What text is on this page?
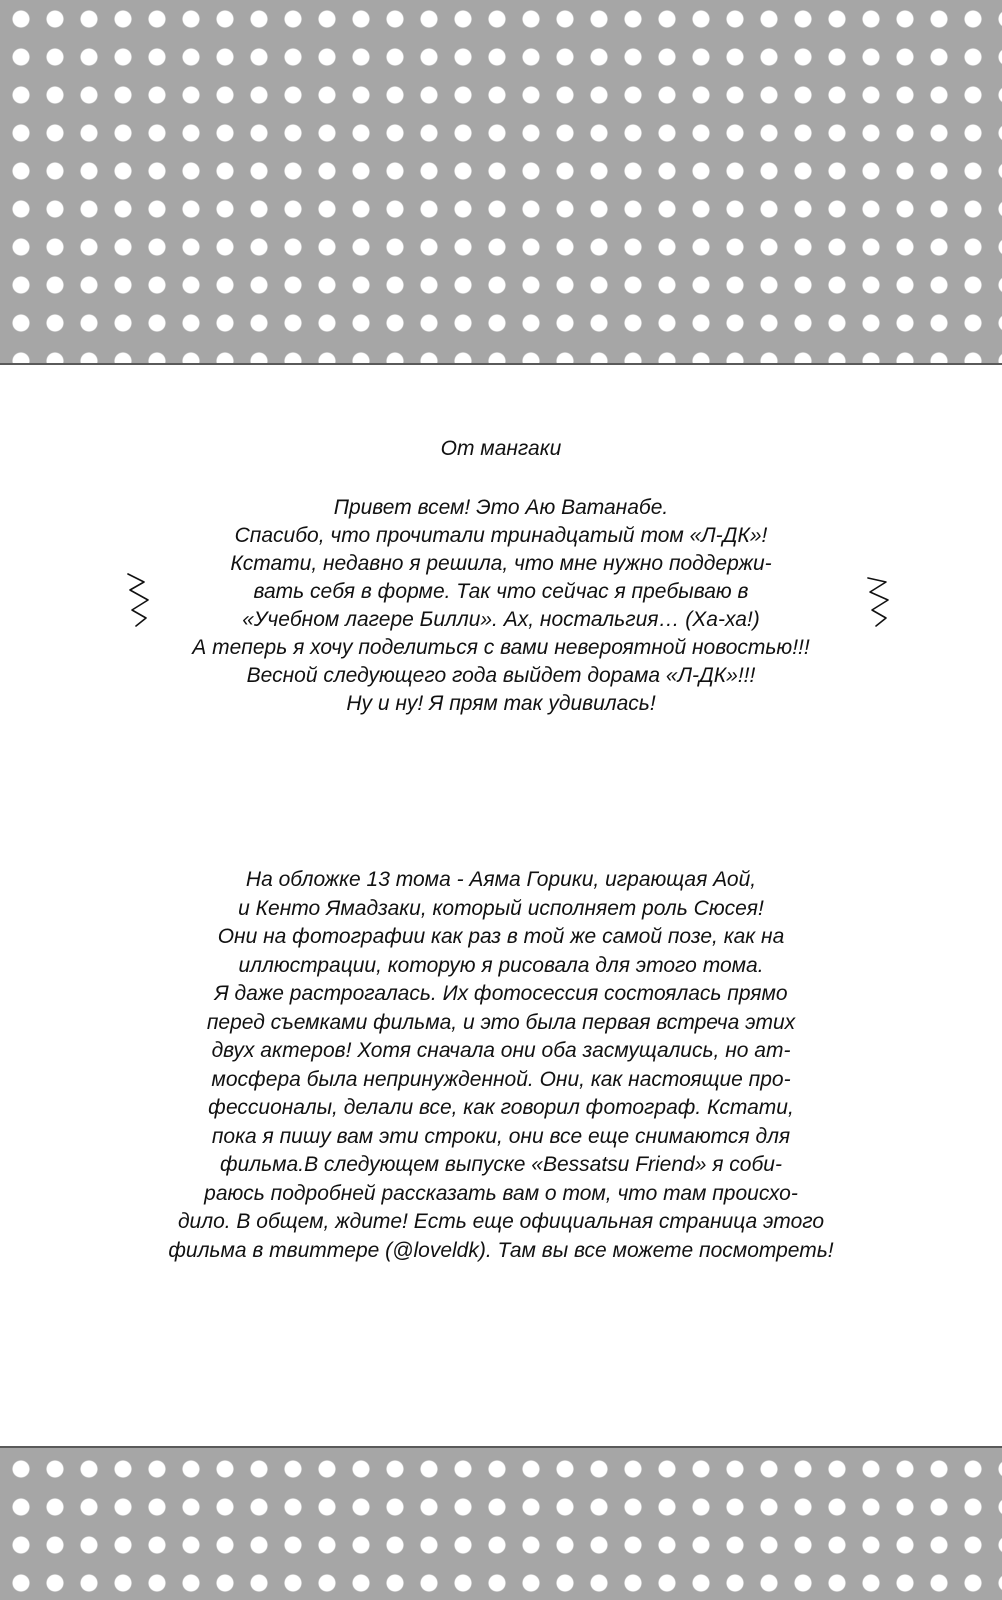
От мангаки
Привет всем! Это Аю Ватанабе.
Спасибо, что прочитали тринадцатый том «Л-ДК»!
Кстати, недавно я решила, что мне нужно поддержи-
вать себя в форме. Так что сейчас я пребываю в
«Учебном лагере Билли». Ах, ностальгия… (Ха-ха!)
А теперь я хочу поделиться с вами невероятной новостью!!!
Весной следующего года выйдет дорама «Л-ДК»!!!
Ну и ну! Я прям так удивилась!
На обложке 13 тома - Аяма Горики, играющая Аой,
и Кенто Ямадзаки, который исполняет роль Сюсея!
Они на фотографии как раз в той же самой позе, как на
иллюстрации, которую я рисовала для этого тома.
Я даже растрогалась. Их фотосессия состоялась прямо
перед съемками фильма, и это была первая встреча этих
двух актеров! Хотя сначала они оба засмущались, но ат-
мосфера была непринужденной. Они, как настоящие про-
фессионалы, делали все, как говорил фотограф. Кстати,
пока я пишу вам эти строки, они все еще снимаются для
фильма.В следующем выпуске «Bessatsu Friend» я соби-
раюсь подробней рассказать вам о том, что там происхо-
дило. В общем, ждите! Есть еще официальная страница этого
фильма в твиттере (@loveldk). Там вы все можете посмотреть!
